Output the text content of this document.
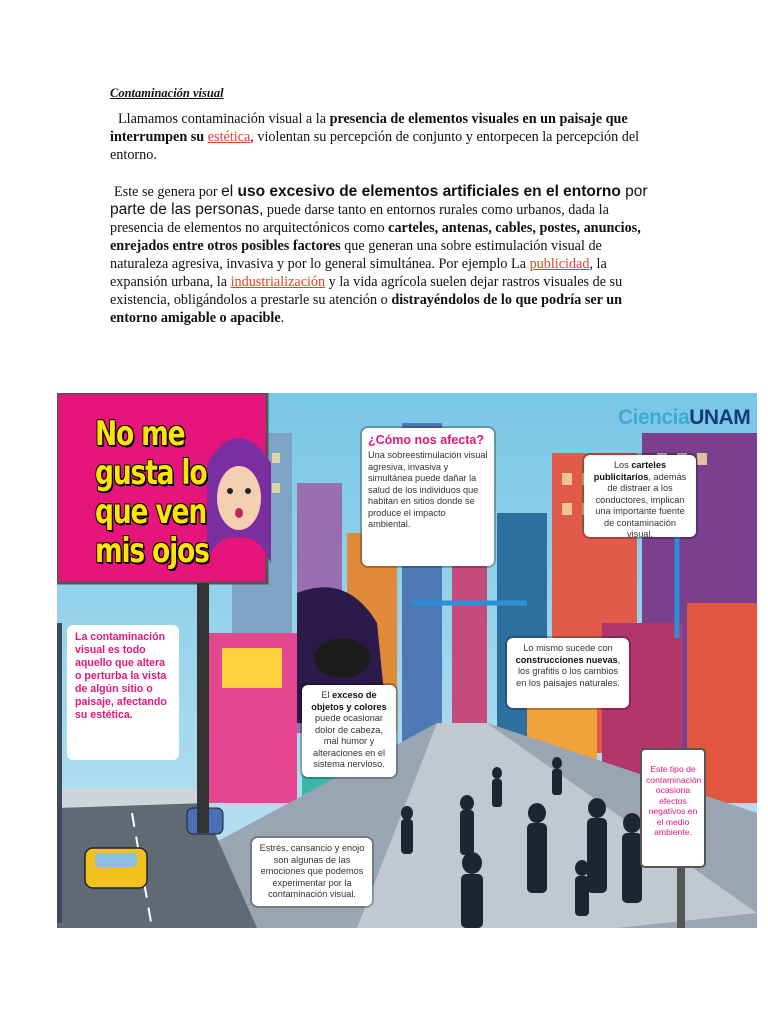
Contaminación visual

Llamamos contaminación visual a la presencia de elementos visuales en un paisaje que interrumpen su estética, violentan su percepción de conjunto y entorpecen la percepción del entorno.

Este se genera por el uso excesivo de elementos artificiales en el entorno por parte de las personas, puede darse tanto en entornos rurales como urbanos, dada la presencia de elementos no arquitectónicos como carteles, antenas, cables, postes, anuncios, enrejados entre otros posibles factores que generan una sobre estimulación visual de naturaleza agresiva, invasiva y por lo general simultánea. Por ejemplo La publicidad, la expansión urbana, la industrialización y la vida agrícola suelen dejar rastros visuales de su existencia, obligándolos a prestarle su atención o distrayéndolos de lo que podría ser un entorno amigable o apacible.

No me
gusta lo
que ven
mis ojos
CienciaUNAM
La contaminación visual es todo aquello que altera o perturba la vista de algún sitio o paisaje, afectando su estética.
¿Cómo nos afecta?
Una sobreestimulación visual agresiva, invasiva y simultánea puede dañar la salud de los individuos que habitan en sitios donde se produce el impacto ambiental.
Los carteles publicitarios, además de distraer a los conductores, implican una importante fuente de contaminación visual.
Lo mismo sucede con construcciones nuevas, los grafitis o los cambios en los paisajes naturales.
El exceso de objetos y colores puede ocasionar dolor de cabeza, mal humor y alteraciones en el sistema nervioso.
Estrés, cansancio y enojo son algunas de las emociones que podemos experimentar por la contaminación visual.
Este tipo de contaminación ocasiona efectos negativos en el medio ambiente.
